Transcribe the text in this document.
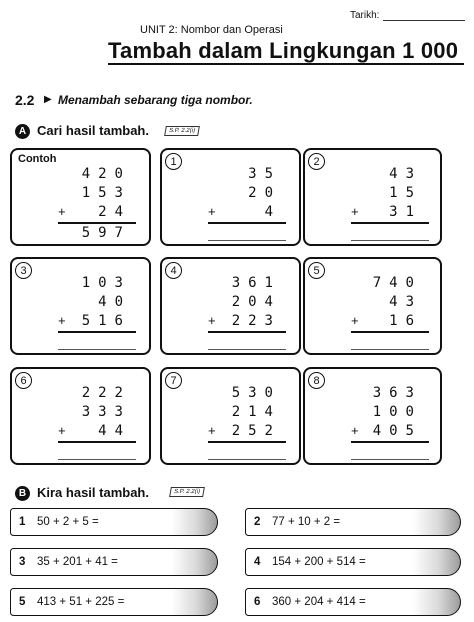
Tarikh:
UNIT 2: Nombor dan Operasi
Tambah dalam Lingkungan 1 000
2.2 ▶ Menambah sebarang tiga nombor.
A Cari hasil tambah.	S.P. 2.2(i)
Contoh
420
153
+ 24
597
1
35
20
+	4
2
43
15
+ 31
3
103
40
+ 516
4
361
204
+ 223
5
740
43
+ 16
6
222
333
+ 44
7
530
214
+ 252
8
363
100
+ 405
B Kira hasil tambah.	S.P. 2.2(i)
1 50 + 2 + 5 =	2 77 + 10 + 2 =
3 35 + 201 + 41 =	4 154 + 200 + 514 =
5 413 + 51 + 225 =	6 360 + 204 + 414 =
